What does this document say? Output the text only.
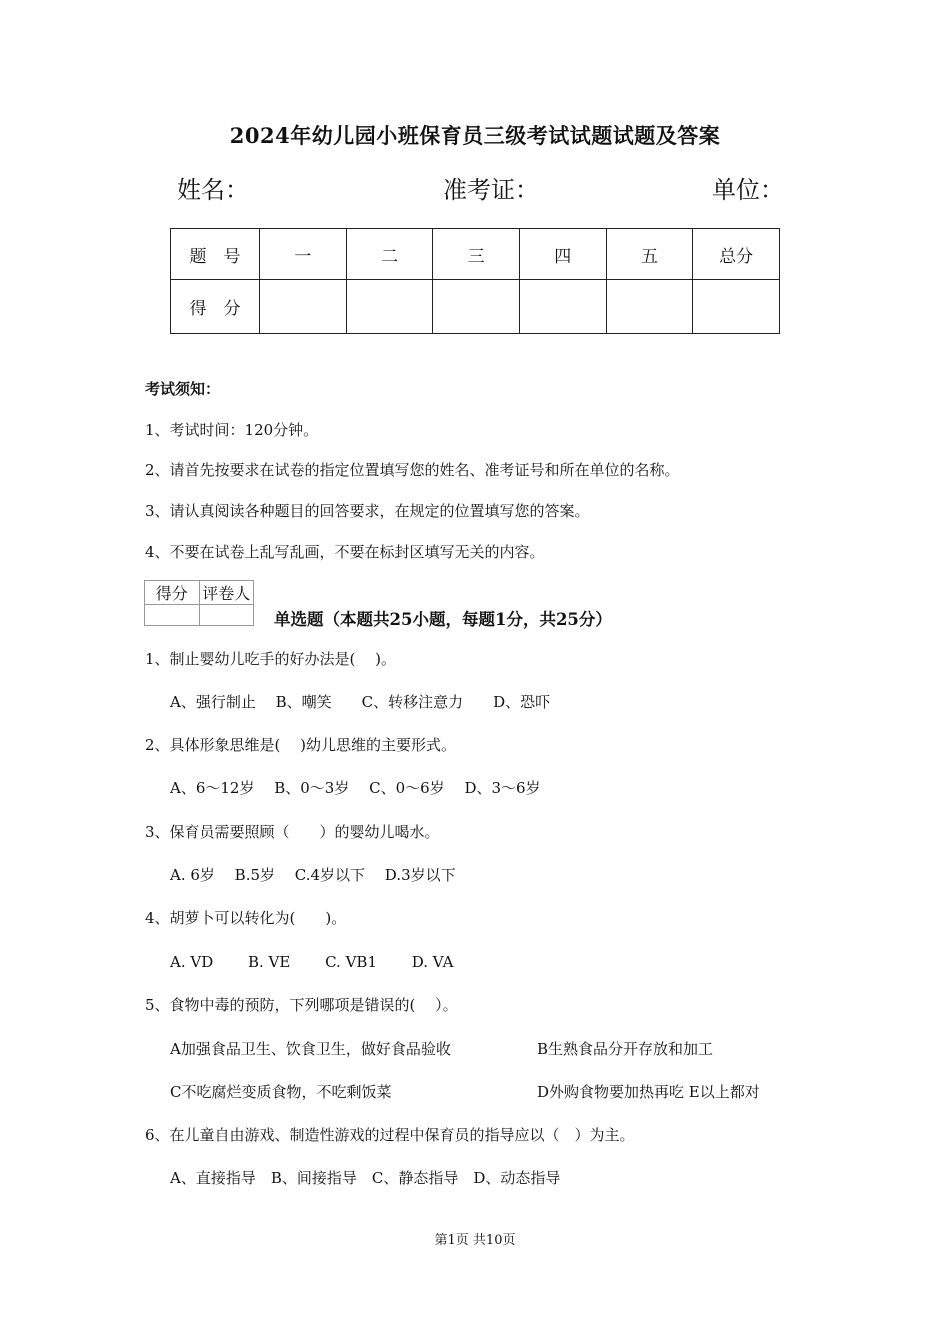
2024年幼儿园小班保育员三级考试试题试题及答案
姓名：	准考证：	单位：
题　号	一	二	三	四	五	总分
得　分						
考试须知：
1、考试时间：120分钟。
2、请首先按要求在试卷的指定位置填写您的姓名、准考证号和所在单位的名称。
3、请认真阅读各种题目的回答要求，在规定的位置填写您的答案。
4、不要在试卷上乱写乱画，不要在标封区填写无关的内容。
得分	评卷人

单选题（本题共25小题，每题1分，共25分）
1、制止婴幼儿吃手的好办法是(　 )。
A、强行制止　 B、嘲笑　　C、转移注意力　　D、恐吓
2、具体形象思维是(　 )幼儿思维的主要形式。
A、6～12岁　 B、0～3岁　 C、0～6岁　 D、3～6岁
3、保育员需要照顾（　　）的婴幼儿喝水。
A. 6岁　 B.5岁　 C.4岁以下　 D.3岁以下
4、胡萝卜可以转化为(　　)。
A. VD　　 B. VE　　 C. VB1　　 D. VA
5、食物中毒的预防，下列哪项是错误的(　 ）。
A加强食品卫生、饮食卫生，做好食品验收	B生熟食品分开存放和加工
C不吃腐烂变质食物，不吃剩饭菜	D外购食物要加热再吃 E以上都对
6、在儿童自由游戏、制造性游戏的过程中保育员的指导应以（　）为主。
A、直接指导　B、间接指导　C、静态指导　D、动态指导
第1页 共10页
